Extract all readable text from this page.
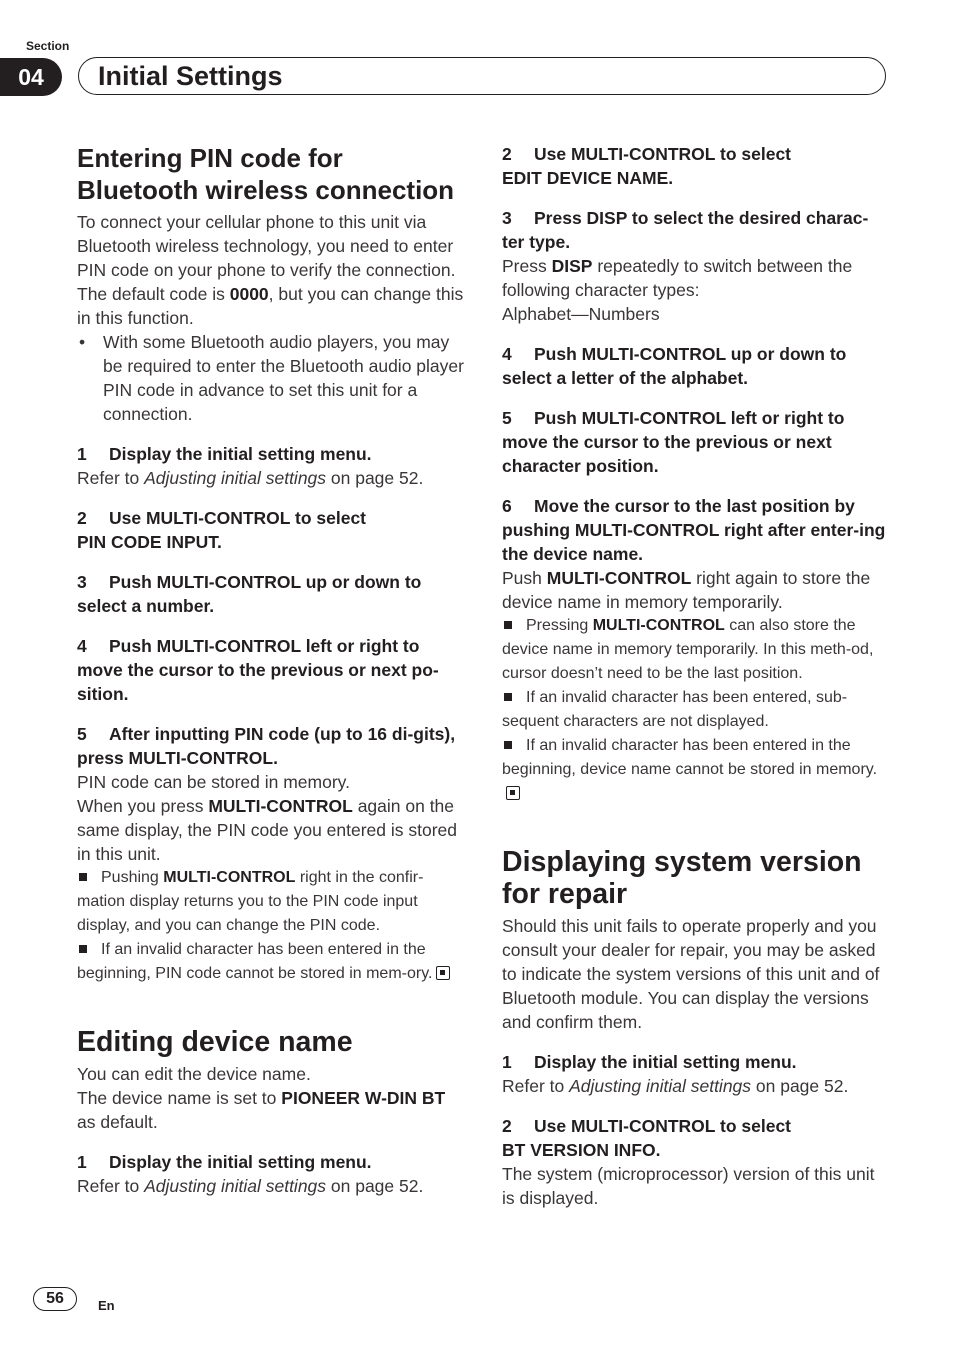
Section
04	Initial Settings
Entering PIN code for
Bluetooth wireless connection

To connect your cellular phone to this unit via Bluetooth wireless technology, you need to enter PIN code on your phone to verify the connection. The default code is 0000, but you can change this in this function.

• With some Bluetooth audio players, you may be required to enter the Bluetooth audio player PIN code in advance to set this unit for a connection.

1 Display the initial setting menu.

Refer to Adjusting initial settings on page 52.

2 Use MULTI-CONTROL to select
PIN CODE INPUT.

3 Push MULTI-CONTROL up or down to select a number.

4 Push MULTI-CONTROL left or right to move the cursor to the previous or next po-sition.

5 After inputting PIN code (up to 16 di-gits), press MULTI-CONTROL.

PIN code can be stored in memory.

When you press MULTI-CONTROL again on the same display, the PIN code you entered is stored in this unit.

Pushing MULTI-CONTROL right in the confir-mation display returns you to the PIN code input display, and you can change the PIN code.

If an invalid character has been entered in the beginning, PIN code cannot be stored in mem-ory.

Editing device name

You can edit the device name.

The device name is set to PIONEER W-DIN BT as default.

1 Display the initial setting menu.

Refer to Adjusting initial settings on page 52.

2 Use MULTI-CONTROL to select
EDIT DEVICE NAME.

3 Press DISP to select the desired charac-ter type.

Press DISP repeatedly to switch between the following character types:

Alphabet—Numbers

4 Push MULTI-CONTROL up or down to select a letter of the alphabet.

5 Push MULTI-CONTROL left or right to move the cursor to the previous or next character position.

6 Move the cursor to the last position by pushing MULTI-CONTROL right after enter-ing the device name.

Push MULTI-CONTROL right again to store the device name in memory temporarily.

Pressing MULTI-CONTROL can also store the device name in memory temporarily. In this meth-od, cursor doesn’t need to be the last position.

If an invalid character has been entered, sub-sequent characters are not displayed.

If an invalid character has been entered in the beginning, device name cannot be stored in memory.

Displaying system version
for repair

Should this unit fails to operate properly and you consult your dealer for repair, you may be asked to indicate the system versions of this unit and of Bluetooth module. You can display the versions and confirm them.

1 Display the initial setting menu.

Refer to Adjusting initial settings on page 52.

2 Use MULTI-CONTROL to select
BT VERSION INFO.

The system (microprocessor) version of this unit is displayed.

56	En
